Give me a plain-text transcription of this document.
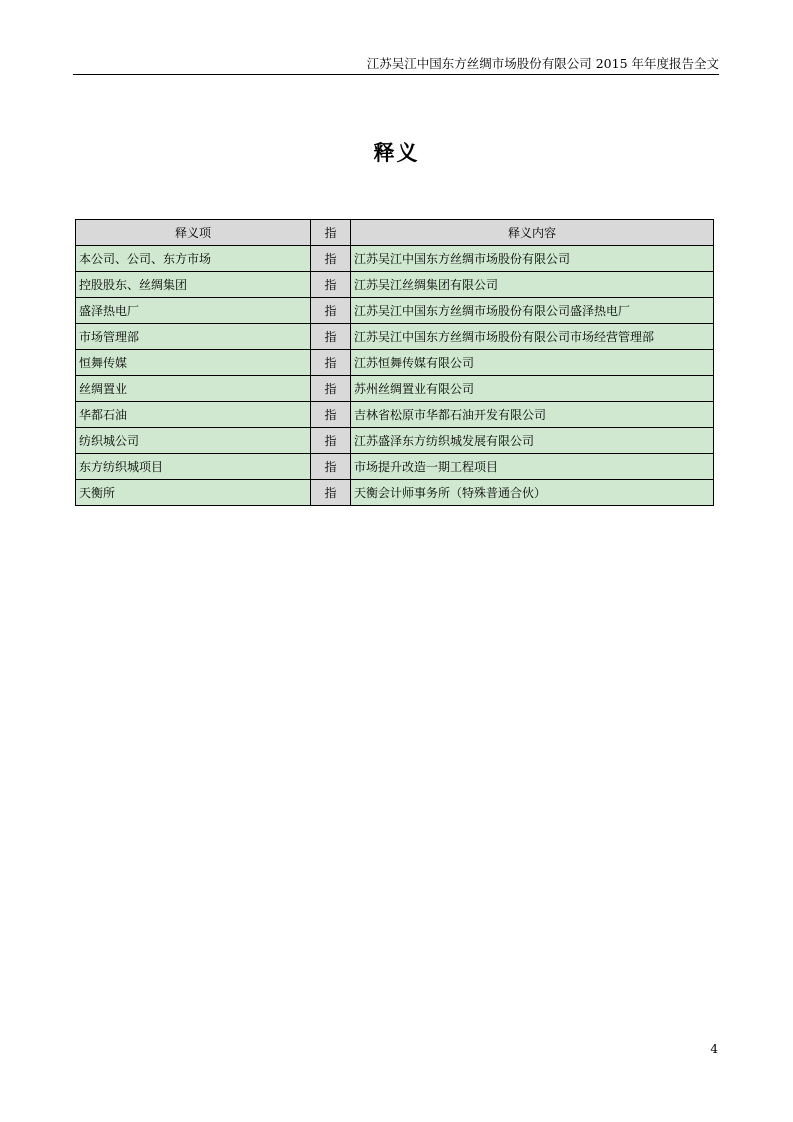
江苏吴江中国东方丝绸市场股份有限公司 2015 年年度报告全文
释义
释义项	指	释义内容
本公司、公司、东方市场	指	江苏吴江中国东方丝绸市场股份有限公司
控股股东、丝绸集团	指	江苏吴江丝绸集团有限公司
盛泽热电厂	指	江苏吴江中国东方丝绸市场股份有限公司盛泽热电厂
市场管理部	指	江苏吴江中国东方丝绸市场股份有限公司市场经营管理部
恒舞传媒	指	江苏恒舞传媒有限公司
丝绸置业	指	苏州丝绸置业有限公司
华都石油	指	吉林省松原市华都石油开发有限公司
纺织城公司	指	江苏盛泽东方纺织城发展有限公司
东方纺织城项目	指	市场提升改造一期工程项目
天衡所	指	天衡会计师事务所（特殊普通合伙）
4
